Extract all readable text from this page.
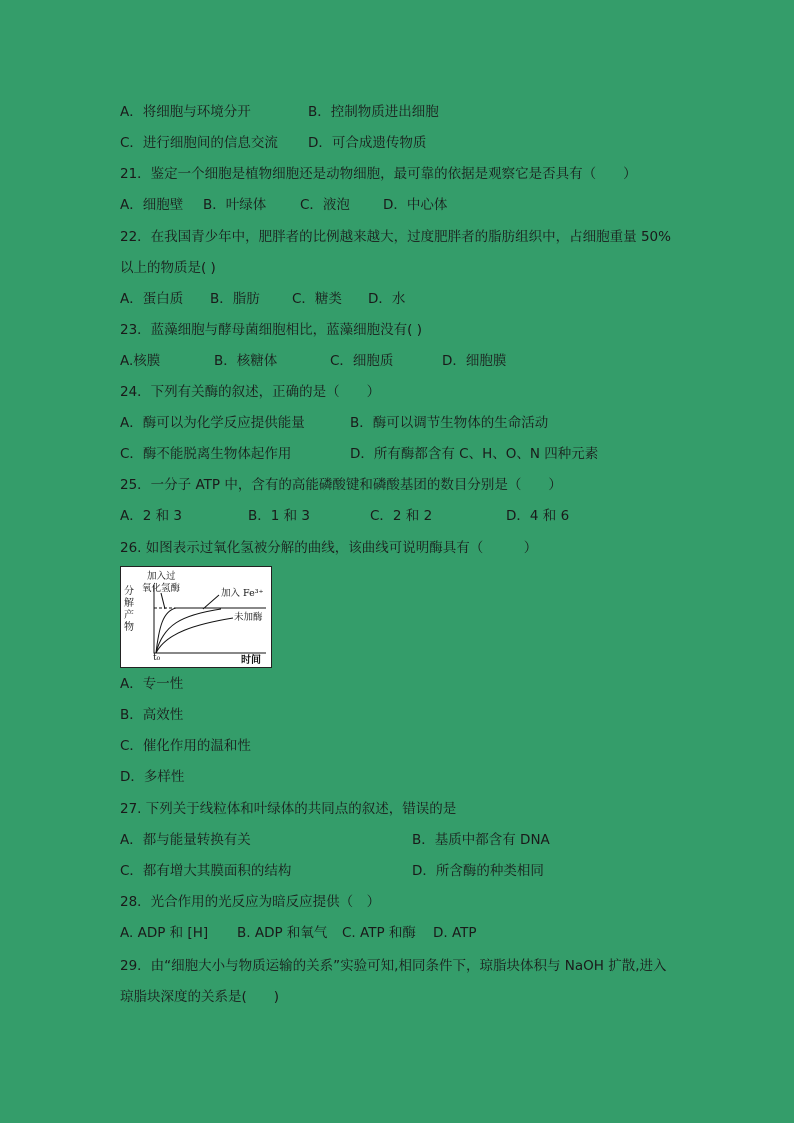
A．将细胞与环境分开	B．控制物质进出细胞
C．进行细胞间的信息交流 D．可合成遗传物质
21．鉴定一个细胞是植物细胞还是动物细胞，最可靠的依据是观察它是否具有（　　）
A．细胞壁 B．叶绿体 C．液泡 D．中心体
22．在我国青少年中，肥胖者的比例越来越大，过度肥胖者的脂肪组织中，占细胞重量 50%
以上的物质是( )
A．蛋白质 B．脂肪 C．糖类 D．水
23．蓝藻细胞与酵母菌细胞相比，蓝藻细胞没有( )
A.核膜	B．核糖体	C．细胞质	D．细胞膜
24．下列有关酶的叙述，正确的是（　　）
A．酶可以为化学反应提供能量	B．酶可以调节生物体的生命活动
C．酶不能脱离生物体起作用	D．所有酶都含有 C、H、O、N 四种元素
25．一分子 ATP 中，含有的高能磷酸键和磷酸基团的数目分别是（　　）
A．2 和 3	B．1 和 3	C．2 和 2	D．4 和 6
26. 如图表示过氧化氢被分解的曲线，该曲线可说明酶具有（　　　）
分
解
产
物
时间
t₀
加入过
氧化氢酶	加入 Fe³⁺
未加酶
A．专一性
B．高效性
C．催化作用的温和性
D．多样性
27. 下列关于线粒体和叶绿体的共同点的叙述，错误的是
A．都与能量转换有关	B．基质中都含有 DNA
C．都有增大其膜面积的结构	D．所含酶的种类相同
28．光合作用的光反应为暗反应提供（　）
A. ADP 和 [H] B. ADP 和氧气 C. ATP 和酶 D. ATP
29．由“细胞大小与物质运输的关系”实验可知,相同条件下，琼脂块体积与 NaOH 扩散,进入
琼脂块深度的关系是(　　)
